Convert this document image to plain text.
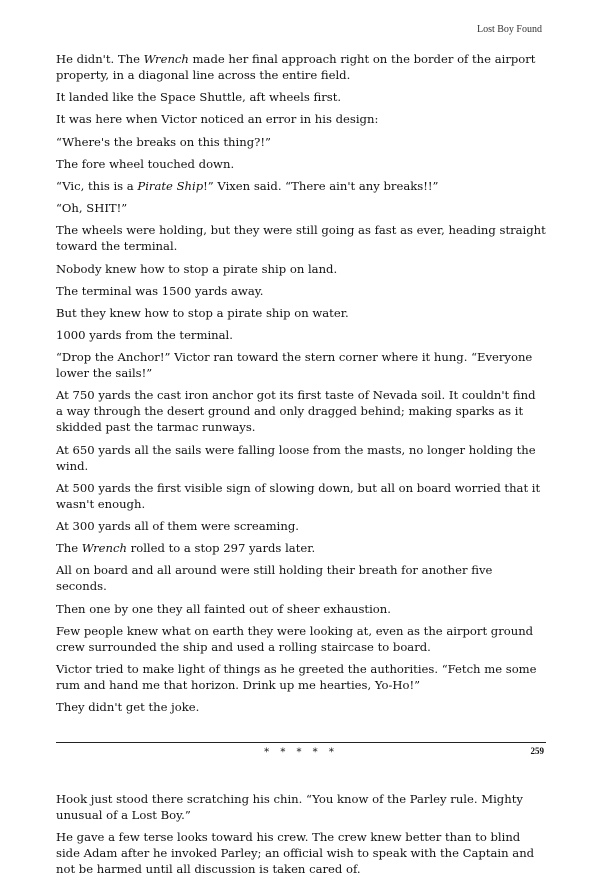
Lost Boy Found

He didn't. The Wrench made her final approach right on the border of the airport property, in a diagonal line across the entire field.

It landed like the Space Shuttle, aft wheels first.

It was here when Victor noticed an error in his design:

“Where's the breaks on this thing?!”

The fore wheel touched down.

“Vic, this is a Pirate Ship!” Vixen said. “There ain't any breaks!!”

“Oh, SHIT!”

The wheels were holding, but they were still going as fast as ever, heading straight toward the terminal.

Nobody knew how to stop a pirate ship on land.

The terminal was 1500 yards away.

But they knew how to stop a pirate ship on water.

1000 yards from the terminal.

“Drop the Anchor!” Victor ran toward the stern corner where it hung. “Everyone lower the sails!”

At 750 yards the cast iron anchor got its first taste of Nevada soil. It couldn't find a way through the desert ground and only dragged behind; making sparks as it skidded past the tarmac runways.

At 650 yards all the sails were falling loose from the masts, no longer holding the wind.

At 500 yards the first visible sign of slowing down, but all on board worried that it wasn't enough.

At 300 yards all of them were screaming.

The Wrench rolled to a stop 297 yards later.

All on board and all around were still holding their breath for another five seconds.

Then one by one they all fainted out of sheer exhaustion.

Few people knew what on earth they were looking at, even as the airport ground crew surrounded the ship and used a rolling staircase to board.

Victor tried to make light of things as he greeted the authorities. “Fetch me some rum and hand me that horizon. Drink up me hearties, Yo-Ho!”

They didn't get the joke.

* * * * *

Hook just stood there scratching his chin. “You know of the Parley rule. Mighty unusual of a Lost Boy.”

He gave a few terse looks toward his crew. The crew knew better than to blind side Adam after he invoked Parley; an official wish to speak with the Captain and not be harmed until all discussion is taken cared of.

259
